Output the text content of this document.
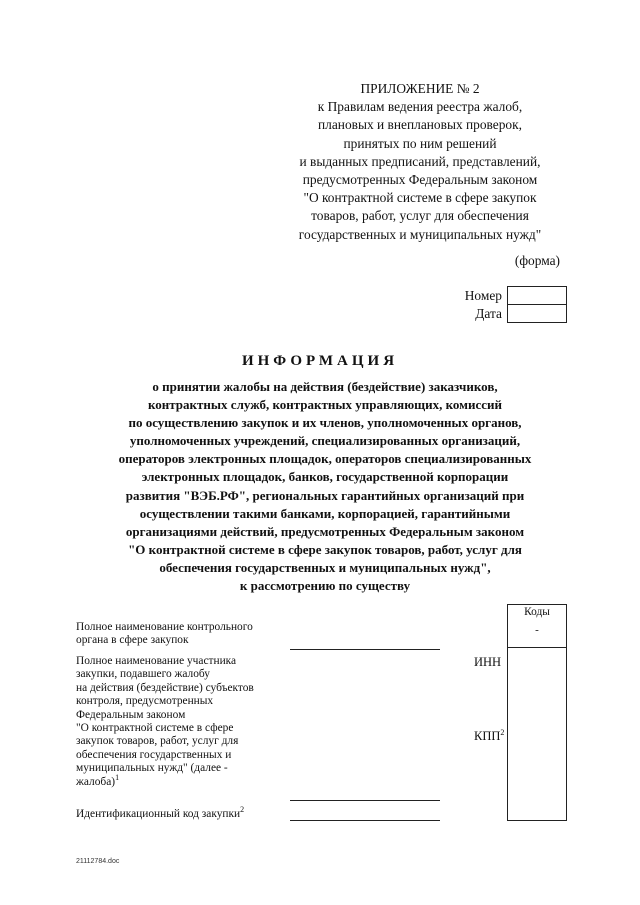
ПРИЛОЖЕНИЕ № 2
к Правилам ведения реестра жалоб,
плановых и внеплановых проверок,
принятых по ним решений
и выданных предписаний, представлений,
предусмотренных Федеральным законом
"О контрактной системе в сфере закупок
товаров, работ, услуг для обеспечения
государственных и муниципальных нужд"
(форма)
Номер
Дата
ИНФОРМАЦИЯ
о принятии жалобы на действия (бездействие) заказчиков,
контрактных служб, контрактных управляющих, комиссий
по осуществлению закупок и их членов, уполномоченных органов,
уполномоченных учреждений, специализированных организаций,
операторов электронных площадок, операторов специализированных
электронных площадок, банков, государственной корпорации
развития "ВЭБ.РФ", региональных гарантийных организаций при
осуществлении такими банками, корпорацией, гарантийными
организациями действий, предусмотренных Федеральным законом
"О контрактной системе в сфере закупок товаров, работ, услуг для
обеспечения государственных и муниципальных нужд",
к рассмотрению по существу
Коды
-
Полное наименование контрольного
органа в сфере закупок
Полное наименование участника
закупки, подавшего жалобу
на действия (бездействие) субъектов
контроля, предусмотренных
Федеральным законом
"О контрактной системе в сфере
закупок товаров, работ, услуг для
обеспечения государственных и
муниципальных нужд" (далее -
жалоба)$^1$
ИНН
КПП$^2$
Идентификационный код закупки$^2$
21112784.doc
